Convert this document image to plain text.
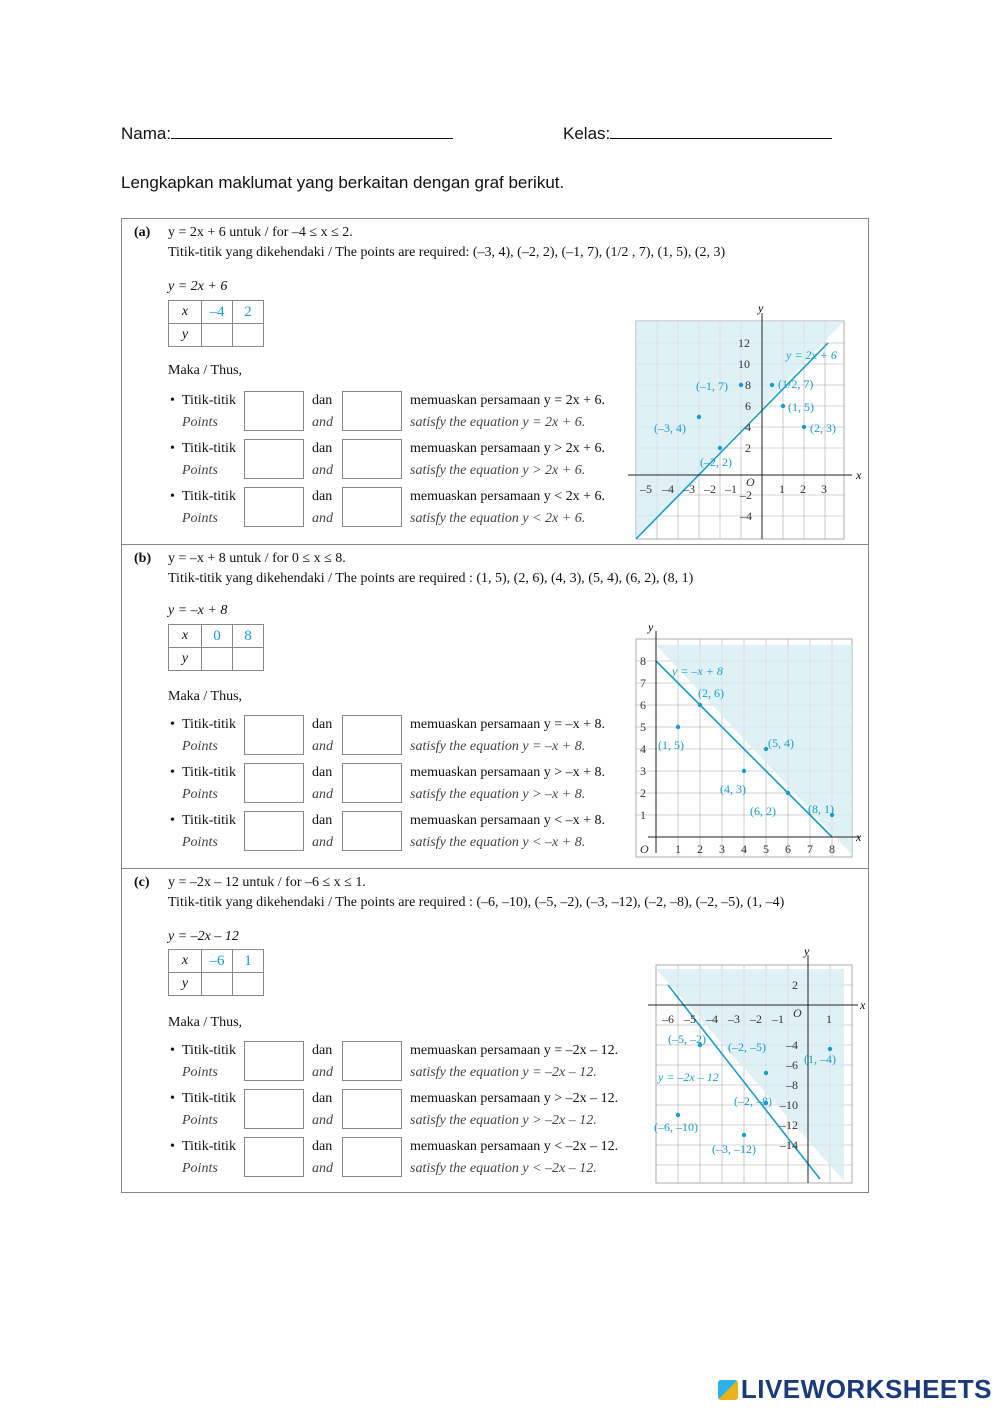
Nama:	Kelas:
Lengkapkan maklumat yang berkaitan dengan graf berikut.
(a) y = 2x + 6 untuk / for –4 ≤ x ≤ 2.
Titik-titik yang dikehendaki / The points are required: (–3, 4), (–2, 2), (–1, 7), (1/2 , 7), (1, 5), (2, 3)
y = 2x + 6
x	–4	2
y		
Maka / Thus,
• Titik-titik
Points
dan
and
memuaskan persamaan y = 2x + 6.
satisfy the equation y = 2x + 6.
• Titik-titik
Points
dan
and
memuaskan persamaan y > 2x + 6.
satisfy the equation y > 2x + 6.
• Titik-titik
Points
dan
and
memuaskan persamaan y < 2x + 6.
satisfy the equation y < 2x + 6.
x
y
–5 –4 –3 –2 –1 O 1 2 3
12
10
8
6
4
2
–2
–4
y = 2x + 6
(–1, 7)	(1/2, 7)
(1, 5)
(–3, 4)	(2, 3)
(–2, 2)
(b) y = –x + 8 untuk / for 0 ≤ x ≤ 8.
Titik-titik yang dikehendaki / The points are required : (1, 5), (2, 6), (4, 3), (5, 4), (6, 2), (8, 1)
y = –x + 8
x	0	8
y		
Maka / Thus,
• Titik-titik
Points
dan
and
memuaskan persamaan y = –x + 8.
satisfy the equation y = –x + 8.
• Titik-titik
Points
dan
and
memuaskan persamaan y > –x + 8.
satisfy the equation y > –x + 8.
• Titik-titik
Points
dan
and
memuaskan persamaan y < –x + 8.
satisfy the equation y < –x + 8.	x
y
O 1 2 3 4 5 6 7 8
8
7
6
5
4
3
2
1
y = –x + 8
(2, 6)
(1, 5)	(5, 4)
(4, 3)
(6, 2)	(8, 1)
(c) y = –2x – 12 untuk / for –6 ≤ x ≤ 1.
Titik-titik yang dikehendaki / The points are required : (–6, –10), (–5, –2), (–3, –12), (–2, –8), (–2, –5), (1, –4)
y = –2x – 12
x	–6	1
y		
Maka / Thus,
• Titik-titik
Points
dan
and
memuaskan persamaan y = –2x – 12.
satisfy the equation y = –2x – 12.
• Titik-titik
Points
dan
and
memuaskan persamaan y > –2x – 12.
satisfy the equation y > –2x – 12.
• Titik-titik
Points
dan
and
memuaskan persamaan y < –2x – 12.
satisfy the equation y < –2x – 12.
x
y
–6 –5 –4 –3 –2 –1 O 1
2
–4
–6
–8
–10
–12
–14
y = –2x – 12
(–5, –2)
(–2, –5)
(1, –4)
(–2, –8)
(–6, –10)
(–3, –12)
LIVEWORKSHEETS
